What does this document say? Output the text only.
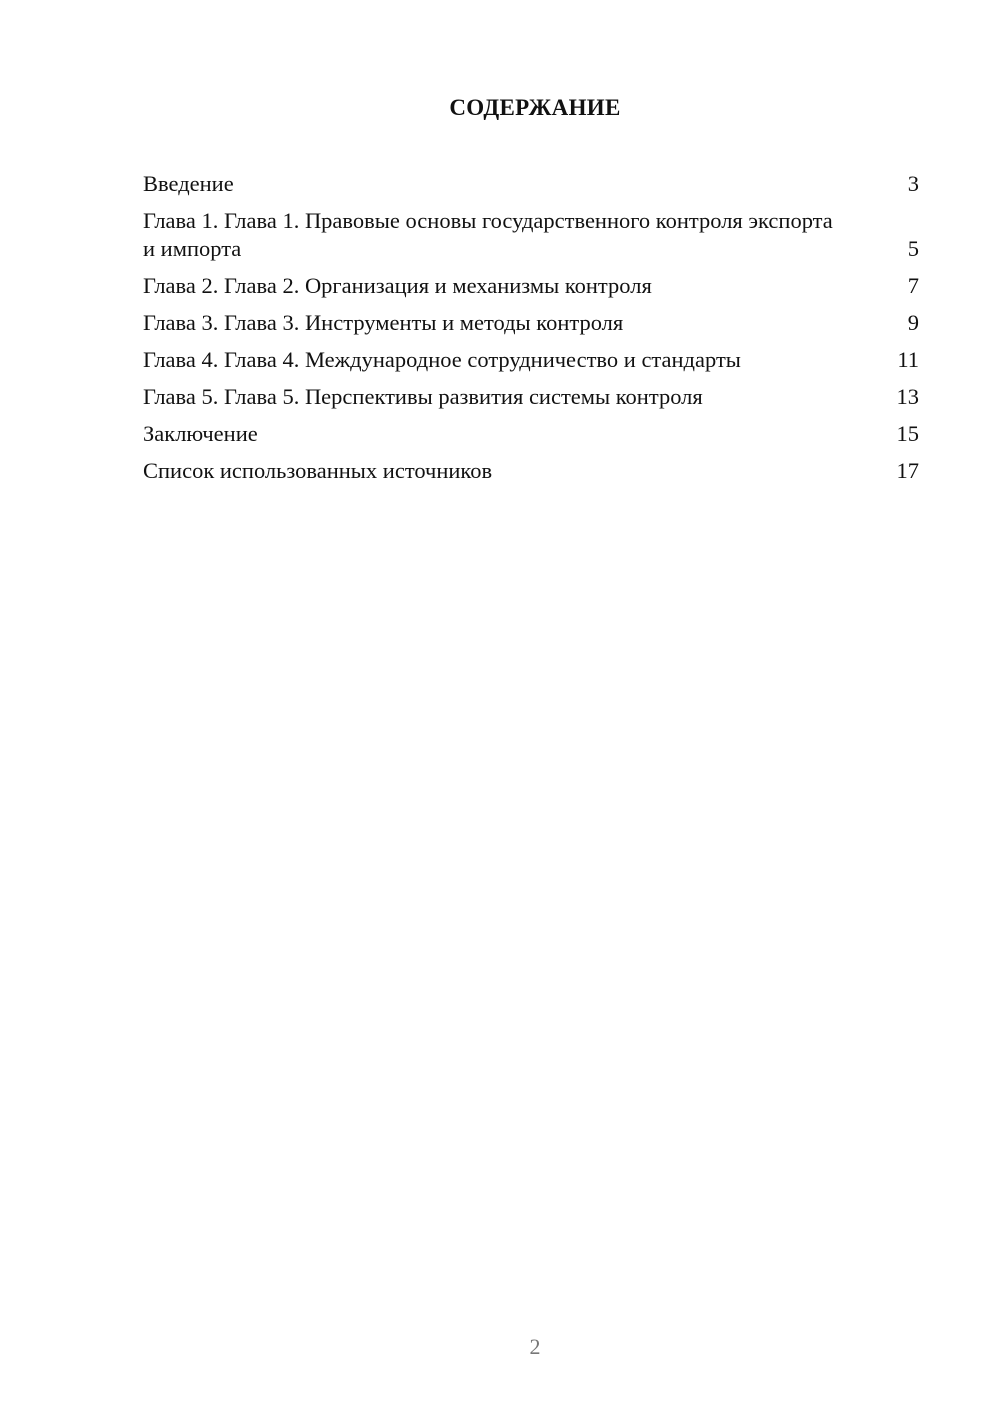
СОДЕРЖАНИЕ
Введение	3
Глава 1. Глава 1. Правовые основы государственного контроля экспорта и импорта	5
Глава 2. Глава 2. Организация и механизмы контроля	7
Глава 3. Глава 3. Инструменты и методы контроля	9
Глава 4. Глава 4. Международное сотрудничество и стандарты	11
Глава 5. Глава 5. Перспективы развития системы контроля	13
Заключение	15
Список использованных источников	17
2
